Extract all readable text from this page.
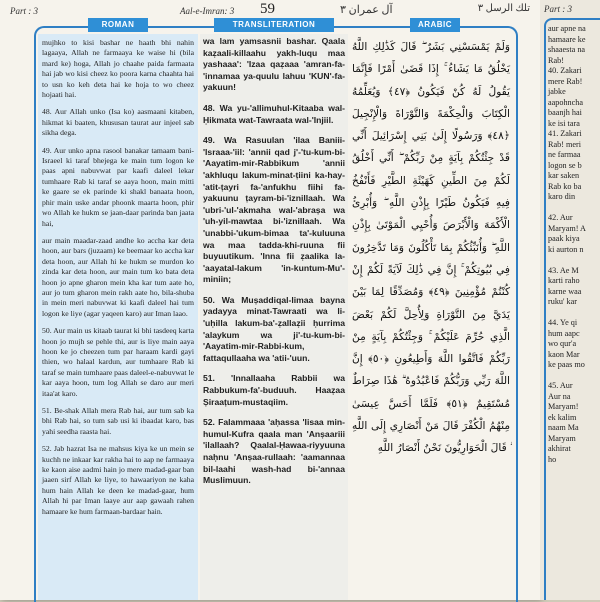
Part : 3	Aal-e-Imran: 3 59	آل عمران ٣	تلك الرسل ٣
ROMAN	TRANSLITERATION	ARABIC

mujhko to kisi bashar ne haath bhi nahin lagaaya, Allah ne farmaaya ke waise hi (bila mard ke) hoga, Allah jo chaahe paida farmaata hai jab wo kisi cheez ko poora karna chaahta hai to usn ko keh deta hai ke hoja to wo cheez hojaati hai.

48. Aur Allah unko (Isa ko) aasmaani kitaben, hikmat ki baaten, khususan taurat aur injeel sab sikha dega.

49. Aur unko apna rasool banakar tamaam bani-Israeel ki taraf bhejega ke main tum logon ke paas apni nabuvwat par kaafi daleel lekar tumhaare Rab ki taraf se aaya hoon, main mitti ke gaare se ek parinde ki shakl banaata hoon, phir main uske andar phoonk maarta hoon, phir wo Allah ke hukm se jaan-daar parinda ban jaata hai,

aur main maadar-zaad andhe ko accha kar deta hoon, aur bars (juzaam) ke beemaar ko accha kar deta hoon, aur Allah hi ke hukm se murdon ko zinda kar deta hoon, aur main tum ko bata deta hoon jo apne gharon mein kha kar tum aate ho, aur jo tum gharon mein rakh aate ho, bila-shuba in mein meri nabuvwat ki kaafi daleel hai tum logon ke liye (agar yaqeen karo) aur Iman laao.

50. Aur main us kitaab taurat ki bhi tasdeeq karta hoon jo mujh se pehle thi, aur is liye main aaya hoon ke jo cheezen tum par haraam kardi gayi thien, wo halaal kardun, aur tumhaare Rab ki taraf se main tumhaare paas daleel-e-nabuvwat le kar aaya hoon, tum log Allah se daro aur meri itaa'at karo.

51. Be-shak Allah mera Rab hai, aur tum sab ka bhi Rab hai, so tum sab usi ki ibaadat karo, bas yahi seedha raasta hai.

52. Jab hazrat Isa ne mahsus kiya ke un mein se kuchh ne inkaar kar rakha hai to aap ne farmaaya ke kaon aise aadmi hain jo mere madad-gaar ban jaaen sirf Allah ke liye, to hawaariyon ne kaha hum hain Allah ke deen ke madad-gaar, hum Allah hi par Iman laaye aur aap gawaah rahen hamaare ke hum farmaan-bardaar hain.

wa lam yamsasnii bashar. Qaala kaẓaali-killaahu yakh-luqu maa yashaaa': 'Izaa qaẓaaa 'amran-fa-'innamaa ya-quulu lahuu 'KUN'-fa-yakuun!

48. Wa yu-'allimuhul-Kitaaba wal-Ḥikmata wat-Tawraata wal-'Injiil.

49. Wa Rasuulan 'ilaa Baniii-'Israaa-'iil: 'annii qad j'-'tu-kum-bi-'Aayatim-mir-Rabbikum 'annii 'akhluqu lakum-minat-ṭiini ka-hay-'atit-ṭayri fa-'anfukhu fiihi fa-yakuunu ṭayram-bi-'iznillaah. Wa 'ubri-'ul-'akmaha wal-'abraṣa wa 'uh-yil-mawtaa bi-'iznillaah. Wa 'unabbi-'ukum-bimaa ta'-kuluuna wa maa tadda-khi-ruuna fii buyuutikum. 'Inna fii ẓaalika la-'aayatal-lakum 'in-kuntum-Mu'-miniin;

50. Wa Muṣaddiqal-limaa bayna yadayya minat-Tawraati wa li-'uḥilla lakum-ba'-ẓallaẓii ḥurrima 'alaykum wa ji'-tu-kum-bi-'Aayatim-mir-Rabbi-kum, fattaqullaaha wa 'atii-'uun.

51. 'Innallaaha Rabbii wa Rabbukum-fa'-buduuh. Haaẓaa Ṣiraaṭum-mustaqiim.

52. Falammaaa 'aḥassa 'Iisaa min-humul-Kufra qaala man 'Anṣaariii 'ilallaah? Qaalal-Ḥawaa-riyyuuna naḥnu 'Anṣaa-rullaah: 'aamannaa bil-laahi wash-had bi-'annaa Muslimuun.

وَلَمْ يَمْسَسْنِي بَشَرٌ ۖ قَالَ كَذَٰلِكِ اللَّهُ يَخْلُقُ مَا يَشَاءُ ۚ إِذَا قَضَىٰ أَمْرًا فَإِنَّمَا يَقُولُ لَهُ كُنْ فَيَكُونُ ﴿٤٧﴾ وَيُعَلِّمُهُ الْكِتَابَ وَالْحِكْمَةَ وَالتَّوْرَاةَ وَالْإِنْجِيلَ ﴿٤٨﴾ وَرَسُولًا إِلَىٰ بَنِي إِسْرَائِيلَ أَنِّي قَدْ جِئْتُكُمْ بِآيَةٍ مِنْ رَبِّكُمْ ۖ أَنِّي أَخْلُقُ لَكُمْ مِنَ الطِّينِ كَهَيْئَةِ الطَّيْرِ فَأَنْفُخُ فِيهِ فَيَكُونُ طَيْرًا بِإِذْنِ اللَّهِ ۖ وَأُبْرِئُ الْأَكْمَهَ وَالْأَبْرَصَ وَأُحْيِي الْمَوْتَىٰ بِإِذْنِ اللَّهِ ۖ وَأُنَبِّئُكُمْ بِمَا تَأْكُلُونَ وَمَا تَدَّخِرُونَ فِي بُيُوتِكُمْ ۚ إِنَّ فِي ذَٰلِكَ لَآيَةً لَكُمْ إِنْ كُنْتُمْ مُؤْمِنِينَ ﴿٤٩﴾ وَمُصَدِّقًا لِمَا بَيْنَ يَدَيَّ مِنَ التَّوْرَاةِ وَلِأُحِلَّ لَكُمْ بَعْضَ الَّذِي حُرِّمَ عَلَيْكُمْ ۚ وَجِئْتُكُمْ بِآيَةٍ مِنْ رَبِّكُمْ فَاتَّقُوا اللَّهَ وَأَطِيعُونِ ﴿٥٠﴾ إِنَّ اللَّهَ رَبِّي وَرَبُّكُمْ فَاعْبُدُوهُ ۗ هَٰذَا صِرَاطٌ مُسْتَقِيمٌ ﴿٥١﴾ فَلَمَّا أَحَسَّ عِيسَىٰ مِنْهُمُ الْكُفْرَ قَالَ مَنْ أَنْصَارِي إِلَى اللَّهِ ۖ قَالَ الْحَوَارِيُّونَ نَحْنُ أَنْصَارُ اللَّهِ

Part : 3
aur apne na
hamaare ke
shaaesta na
Rab!
40. Zakari
mere Rab!
jabke
aapohncha
baanjh hai
ke isi tara
41. Zakari
Rab! meri
ne farmaa
logon se b
kar saken
Rab ko ba
karo din

42. Aur
Maryam! A
paak kiya
ki aurton n

43. Ae M
karti raho
karne waa
ruku' kar

44. Ye qi
hum aapc
wo qur'a
kaon Mar
ke paas mo

45. Aur
Aur na
Maryam!
ek kalim
naam Ma
Maryam
akhirat
ho
